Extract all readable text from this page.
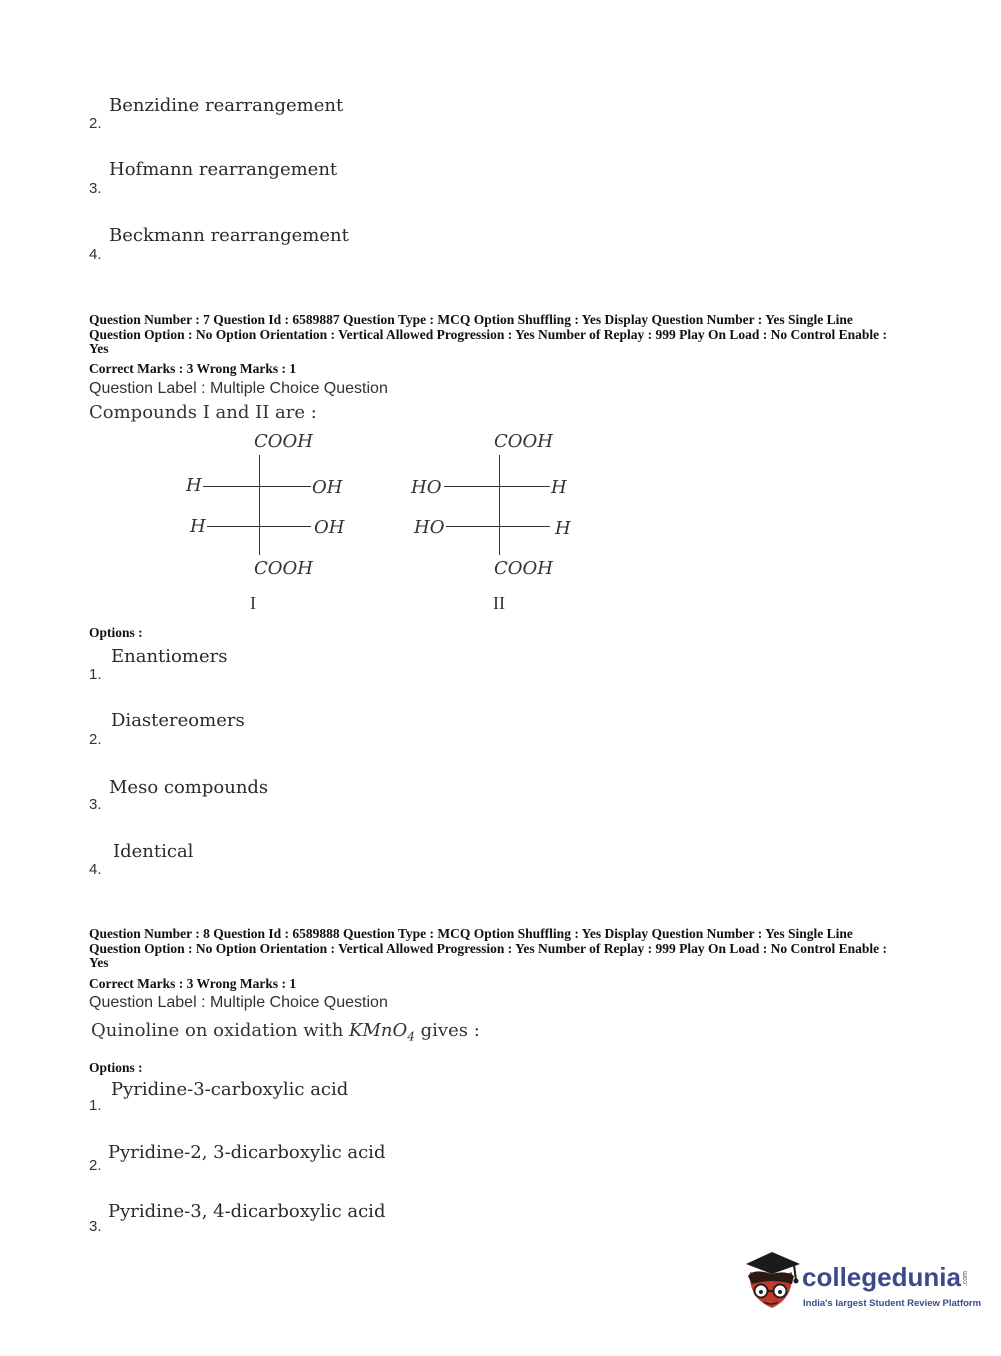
Benzidine rearrangement
2.
Hofmann rearrangement
3.
Beckmann rearrangement
4.
Question Number : 7 Question Id : 6589887 Question Type : MCQ Option Shuffling : Yes Display Question Number : Yes Single Line Question Option : No Option Orientation : Vertical Allowed Progression : Yes Number of Replay : 999 Play On Load : No Control Enable : Yes
Correct Marks : 3 Wrong Marks : 1
Question Label : Multiple Choice Question
Compounds I and II are :
COOH
H	OH
H	OH
COOH
I
COOH
HO	H
HO	H
COOH
II
Options :
Enantiomers
1.
Diastereomers
2.
Meso compounds
3.
Identical
4.
Question Number : 8 Question Id : 6589888 Question Type : MCQ Option Shuffling : Yes Display Question Number : Yes Single Line Question Option : No Option Orientation : Vertical Allowed Progression : Yes Number of Replay : 999 Play On Load : No Control Enable : Yes
Correct Marks : 3 Wrong Marks : 1
Question Label : Multiple Choice Question
Quinoline on oxidation with KMnO$_4$ gives :
Options :
Pyridine-3-carboxylic acid
1.
Pyridine-2, 3-dicarboxylic acid
2.
Pyridine-3, 4-dicarboxylic acid
3.
collegedunia.com
India's largest Student Review Platform
